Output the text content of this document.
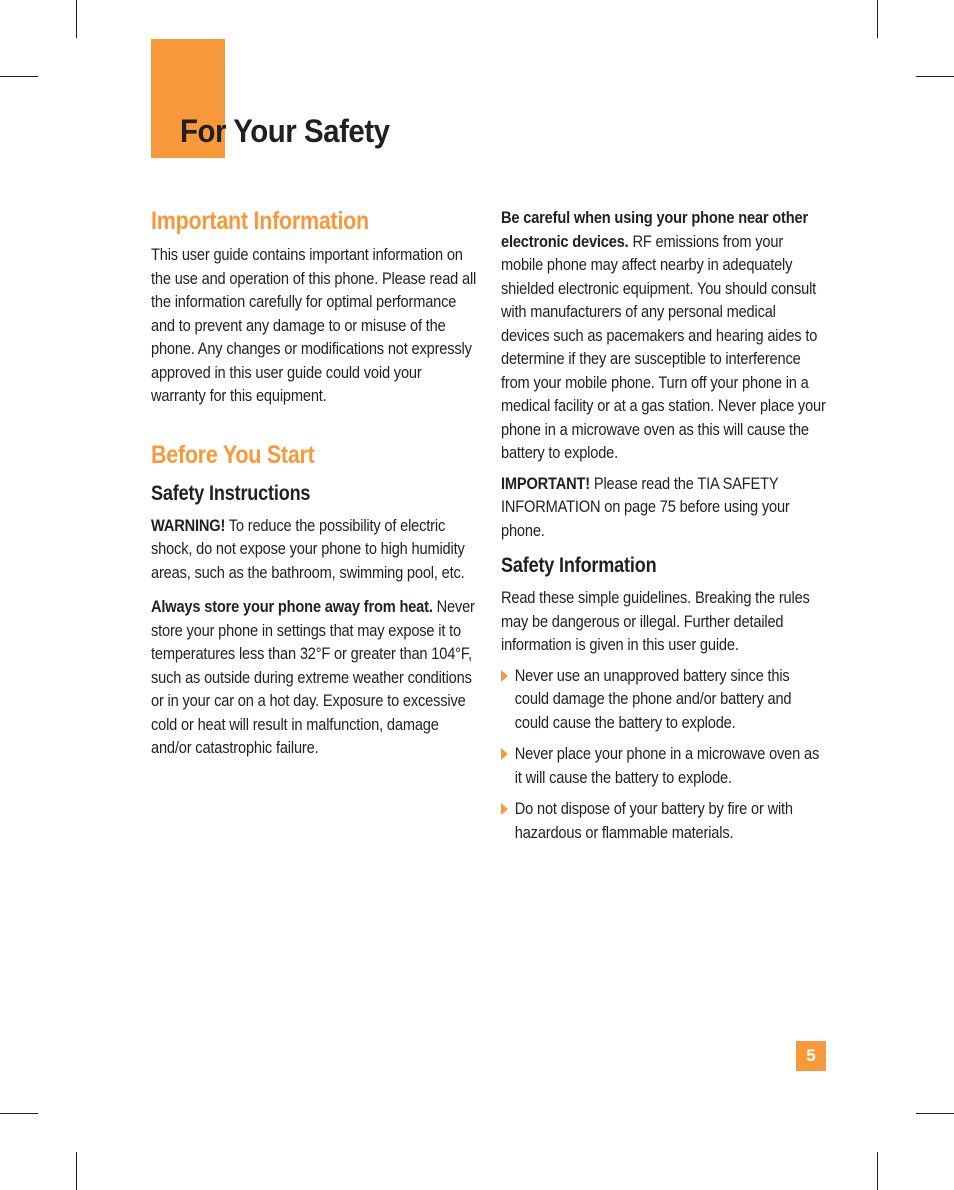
For Your Safety
Important Information

This user guide contains important information on the use and operation of this phone. Please read all the information carefully for optimal performance and to prevent any damage to or misuse of the phone. Any changes or modifications not expressly approved in this user guide could void your warranty for this equipment.

Before You Start
Safety Instructions

WARNING! To reduce the possibility of electric shock, do not expose your phone to high humidity areas, such as the bathroom, swimming pool, etc.

Always store your phone away from heat. Never store your phone in settings that may expose it to temperatures less than 32°F or greater than 104°F, such as outside during extreme weather conditions or in your car on a hot day. Exposure to excessive cold or heat will result in malfunction, damage and/or catastrophic failure.

Be careful when using your phone near other electronic devices. RF emissions from your mobile phone may affect nearby in adequately shielded electronic equipment. You should consult with manufacturers of any personal medical devices such as pacemakers and hearing aides to determine if they are susceptible to interference from your mobile phone. Turn off your phone in a medical facility or at a gas station. Never place your phone in a microwave oven as this will cause the battery to explode.

IMPORTANT! Please read the TIA SAFETY INFORMATION on page 75 before using your phone.

Safety Information

Read these simple guidelines. Breaking the rules may be dangerous or illegal. Further detailed information is given in this user guide.

Never use an unapproved battery since this could damage the phone and/or battery and could cause the battery to explode.

Never place your phone in a microwave oven as it will cause the battery to explode.

Do not dispose of your battery by fire or with hazardous or flammable materials.

5
